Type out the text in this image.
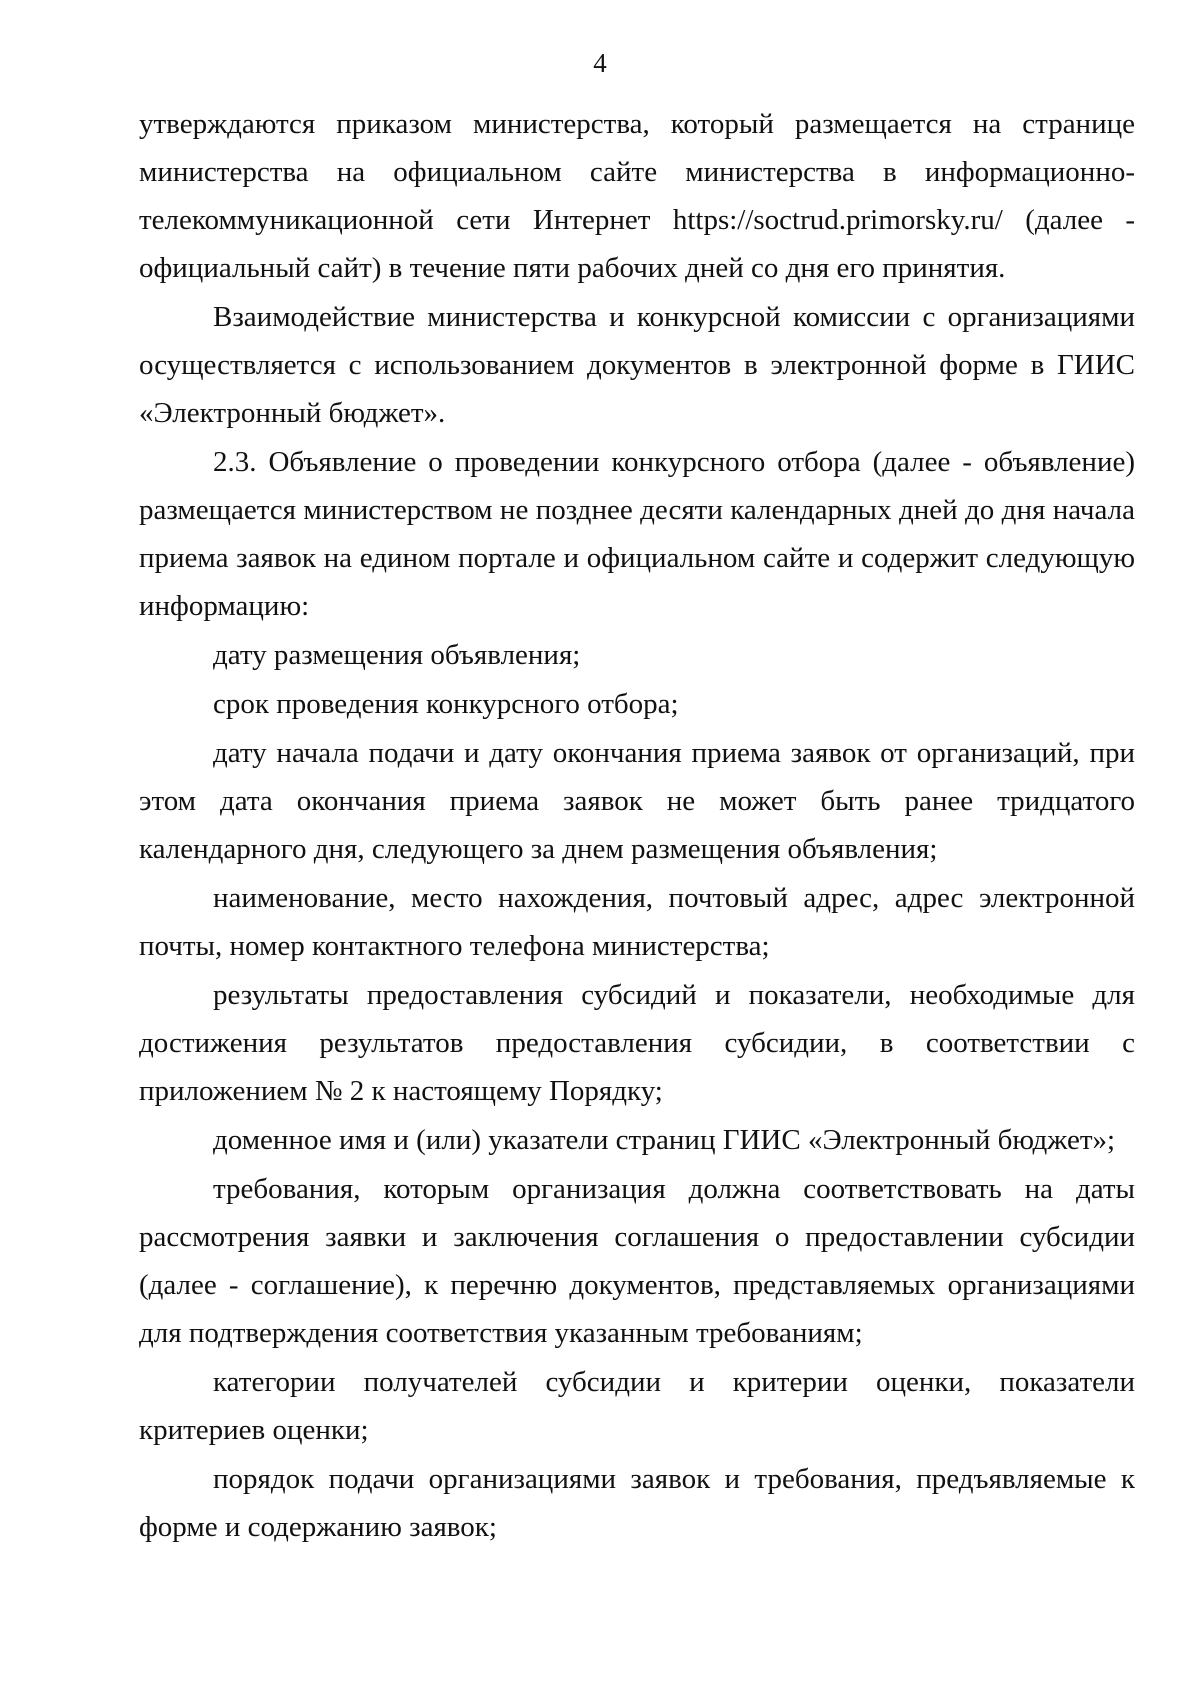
4

утверждаются приказом министерства, который размещается на странице министерства на официальном сайте министерства в информационно-телекоммуникационной сети Интернет https://soctrud.primorsky.ru/ (далее - официальный сайт) в течение пяти рабочих дней со дня его принятия.

Взаимодействие министерства и конкурсной комиссии с организациями осуществляется с использованием документов в электронной форме в ГИИС «Электронный бюджет».

2.3. Объявление о проведении конкурсного отбора (далее - объявление) размещается министерством не позднее десяти календарных дней до дня начала приема заявок на едином портале и официальном сайте и содержит следующую информацию:

дату размещения объявления;

срок проведения конкурсного отбора;

дату начала подачи и дату окончания приема заявок от организаций, при этом дата окончания приема заявок не может быть ранее тридцатого календарного дня, следующего за днем размещения объявления;

наименование, место нахождения, почтовый адрес, адрес электронной почты, номер контактного телефона министерства;

результаты предоставления субсидий и показатели, необходимые для достижения результатов предоставления субсидии, в соответствии с приложением № 2 к настоящему Порядку;

доменное имя и (или) указатели страниц ГИИС «Электронный бюджет»;

требования, которым организация должна соответствовать на даты рассмотрения заявки и заключения соглашения о предоставлении субсидии (далее - соглашение), к перечню документов, представляемых организациями для подтверждения соответствия указанным требованиям;

категории получателей субсидии и критерии оценки, показатели критериев оценки;

порядок подачи организациями заявок и требования, предъявляемые к форме и содержанию заявок;
